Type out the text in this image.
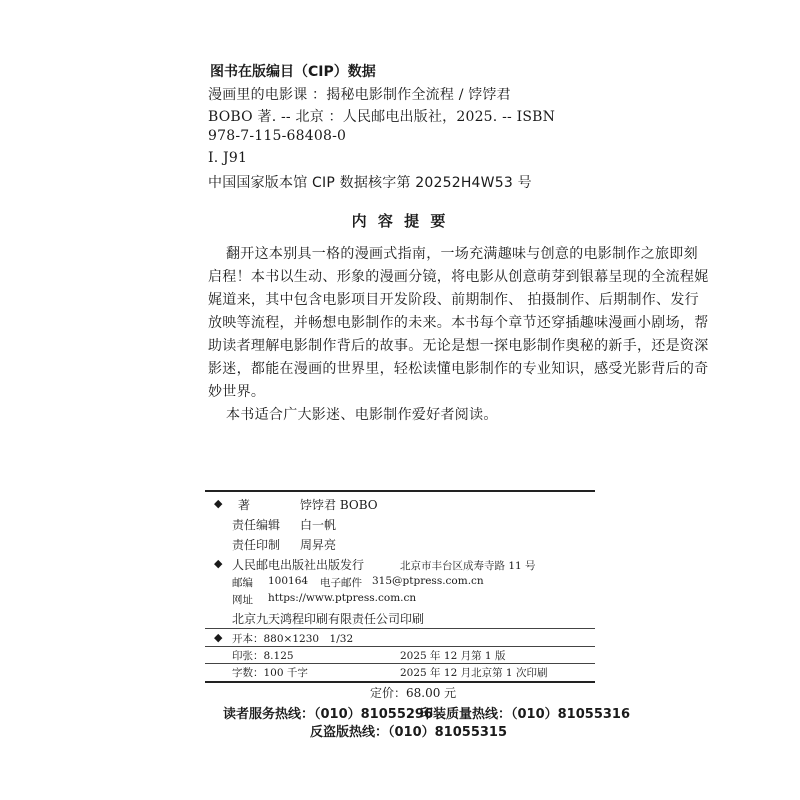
图书在版编目（CIP）数据
漫画里的电影课 ：揭秘电影制作全流程 / 饽饽君
BOBO 著. -- 北京 ：人民邮电出版社，2025. -- ISBN
978-7-115-68408-0
Ⅰ. J91
中国国家版本馆 CIP 数据核字第 20252H4W53 号
内 容 提 要
翻开这本别具一格的漫画式指南，一场充满趣味与创意的电影制作之旅即刻
启程！本书以生动、形象的漫画分镜，将电影从创意萌芽到银幕呈现的全流程娓
娓道来，其中包含电影项目开发阶段、前期制作、 拍摄制作、后期制作、发行
放映等流程，并畅想电影制作的未来。本书每个章节还穿插趣味漫画小剧场，帮
助读者理解电影制作背后的故事。无论是想一探电影制作奥秘的新手，还是资深
影迷，都能在漫画的世界里，轻松读懂电影制作的专业知识，感受光影背后的奇
妙世界。
本书适合广大影迷、电影制作爱好者阅读。
◆ 著	饽饽君 BOBO
责任编辑 白一帆
责任印制 周昇亮
◆ 人民邮电出版社出版发行	北京市丰台区成寿寺路 11 号
邮编 100164 电子邮件 315@ptpress.com.cn
网址 https://www.ptpress.com.cn
北京九天鸿程印刷有限责任公司印刷
◆ 开本：880×1230　1/32
印张：8.125	2025 年 12 月第 1 版
字数：100 千字	2025 年 12 月北京第 1 次印刷
定价：68.00 元
读者服务热线：（010）81055296
印装质量热线：（010）81055316
反盗版热线：（010）81055315
